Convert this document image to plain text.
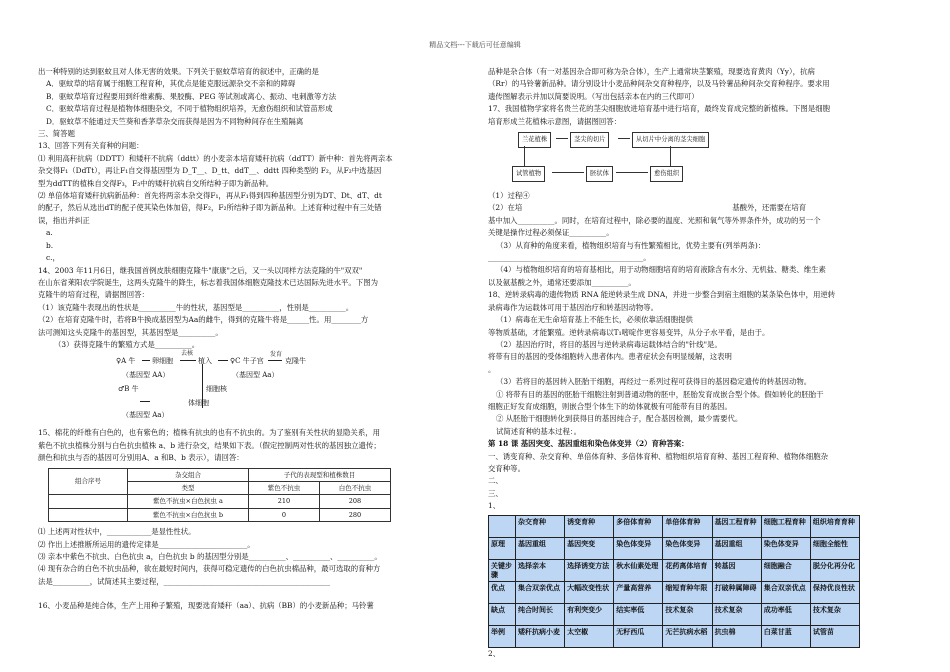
精品文档---下载后可任意编辑

出一种特别的达到驱蚊且对人体无害的效果。下列关于驱蚊草培育的叙述中，正确的是

A．驱蚊草的培育属于细胞工程育种，其优点是能克服远源杂交不亲和的障碍

B．驱蚊草培育过程要用到纤维素酶、果胶酶、PEG 等试剂或离心、振动、电刺激等方法

C．驱蚊草培育过程是植物体细胞杂交，不同于植物组织培养，无愈伤组织和试管苗形成

D．驱蚊草不能通过天竺葵和香茅草杂交而获得是因为不同物种间存在生殖隔离

三、简答题

13、回答下列有关育种的问题：

⑴ 利用高秆抗病（DDTT）和矮秆不抗病（ddtt）的小麦亲本培育矮秆抗病（ddTT）新中种：首先将两亲本

杂交得F₁（DdTt），再让F₁自交得基因型为 D_T__、D_tt、ddT__、ddtt 四种类型的 F₂，从F₂中选基因

型为ddTT的植株自交得F₃，F₃中的矮秆抗病自交所结种子即为新品种。

⑵ 单倍体培育矮秆抗病新品种：首先将两亲本杂交得F₁，再从F₁得到四种基因型分别为DT、Dt、dT、dt

的配子，然后从选出dT的配子使其染色体加倍，得F₂，F₂所结种子即为新品种。上述育种过程中有三处错

误，指出并纠正

a.

b.

c.，

14、2003 年11月6日，继我国首例皮肤细胞克隆牛"康康"之后，又一头以同样方法克隆的牛"双双"

在山东省莱阳农学院诞生，这两头克隆牛的降生，标志着我国体细胞克隆技术已达国际先进水平。下图为

克隆牛的培育过程，请据图回答：

（1）该克隆牛表现出的性状是__________牛的性状，基因型是__________，性别是__________。

（2）在培育克隆牛时，若将B牛换成基因型为Aa的雌牛，得到的克隆牛将是______性。用________方

法可测知这头克隆牛的基因型，其基因型是__________。

（3）获得克隆牛的繁殖方式是__________。

♀A 牛 卵细胞
去核
植入	♀C 牛子宫
发育
克隆牛
（基因型 AA）	（基因型 Aa）
♂B 牛	细胞核
体细胞
（基因型 Aa）

15、棉花的纤维有白色的，也有紫色的；植株有抗虫的也有不抗虫的。为了鉴别有关性状的显隐关系，用

紫色不抗虫植株分别与白色抗虫植株 a、b 进行杂交，结果如下表。（假定控制两对性状的基因独立遗传；

颜色和抗虫与否的基因可分别用A、a 和B、b 表示），请回答：

组合序号	杂交组合	子代的表现型和植株数目	
	类型	紫色不抗虫	白色不抗虫
	紫色不抗虫×白色抗虫 a	210	208
	紫色不抗虫×白色抗虫 b	0	280

⑴ 上述两对性状中，____________是显性性状。

⑵ 作出上述推断所运用的遗传定律是________________________。

⑶ 亲本中紫色不抗虫、白色抗虫 a，白色抗虫 b 的基因型分别是__________、__________、__________。

⑷ 现有杂合的白色不抗虫品种，欲在最短时间内，获得可稳定遗传的白色抗虫棉品种，最可选取的育种方

法是__________，试简述其主要过程，_____________________________________________

16、小麦品种是纯合体，生产上用种子繁殖，现要选育矮秆（aa）、抗病（BB）的小麦新品种；马铃薯

品种是杂合体（有一对基因杂合即可称为杂合体），生产上通常块茎繁殖，现要选育黄肉（Yy），抗病

（Rr）的马铃薯新品种。请分别设计小麦品种间杂交育种程序，以及马铃薯品种间杂交育种程序。要求用

遗传图解表示并加以简要说明。（写出包括亲本在内的三代即可）

17、我国植物学家将名贵兰花的茎尖细胞放进培育基中进行培育，最终发育成完整的新植株。下图是细胞

培育形成兰花植株示意图，请据图回答：

兰花植株	茎尖的切片	从切片中分离的茎尖细胞
试管植物	胚状体	愈伤组织

（1）过程④

（2）在培	基酸外，还需要在培育

基中加入__________。同时，在培育过程中，除必要的温度、光照和氧气等外界条件外，成功的另一个

关键是操作过程必须保证__________。

（3）从育种的角度来看，植物组织培育与有性繁殖相比，优势主要有(列举两条)：

__________________________________________。

（4）与植物组织培育的培育基相比，用于动物细胞培育的培育液除含有水分、无机盐、糖类、维生素

以及氨基酸之外，通常还要添加__________。

18、逆转录病毒的遗传物质 RNA 能逆转录生成 DNA，并进一步整合到宿主细胞的某条染色体中，用逆转

录病毒作为运载体可用于基因治疗和转基因动物等。

（1）病毒在无生命培育基上不能生长，必须依靠活细胞提供

等物质基础，才能繁殖。逆转录病毒以T₁嘧啶作更容易变异，从分子水平看，是由于。

（2）基因治疗时，将目的基因与逆转录病毒运载体结合的"针线"是。

将带有目的基因的受体细胞转入患者体内。患者症状会有明显缓解，这表明

。

（3）若将目的基因转入胚胎干细胞，再经过一系列过程可获得目的基因稳定遗传的转基因动物。

① 将带有目的基因的胚胎干细胞注射到普通动物的胚中，胚胎发育成嵌合型个体。假如转化的胚胎干

细胞正好发育成细胞，则嵌合型个体生下的幼体就极有可能带有目的基因。

② 从胚胎干细胞转化到获得目的基因纯合子，配合基因检测，最少需要代。

试简述育种的基本过程：。

第 18 课 基因突变、基因重组和染色体变异（2）育种答案：

一、诱变育种、杂交育种、单倍体育种、多倍体育种、植物组织培育育种、基因工程育种、植物体细胞杂

交育种等。

二、

三、

1、

	杂交育种	诱变育种	多倍体育种	单倍体育种	基因工程育种	细胞工程育种	组织培育育种
原理	基因重组	基因突变	染色体变异	染色体变异	基因重组	染色体变异	细胞全能性
关键步骤	选择亲本	选择诱变方法	秋水仙素处理	花药离体培育	转基因	细胞融合	脱分化再分化
优点	集合双亲优点	大幅改变性状	产量高营养	缩短育种年限	打破种属障碍	集合双亲优点	保持优良性状
缺点	纯合时间长	有利突变少	结实率低	技术复杂	技术复杂	成功率低	技术复杂
举例	矮秆抗病小麦	太空椒	无籽西瓜	无芒抗病水稻	抗虫棉	白菜甘蓝	试管苗

2、
